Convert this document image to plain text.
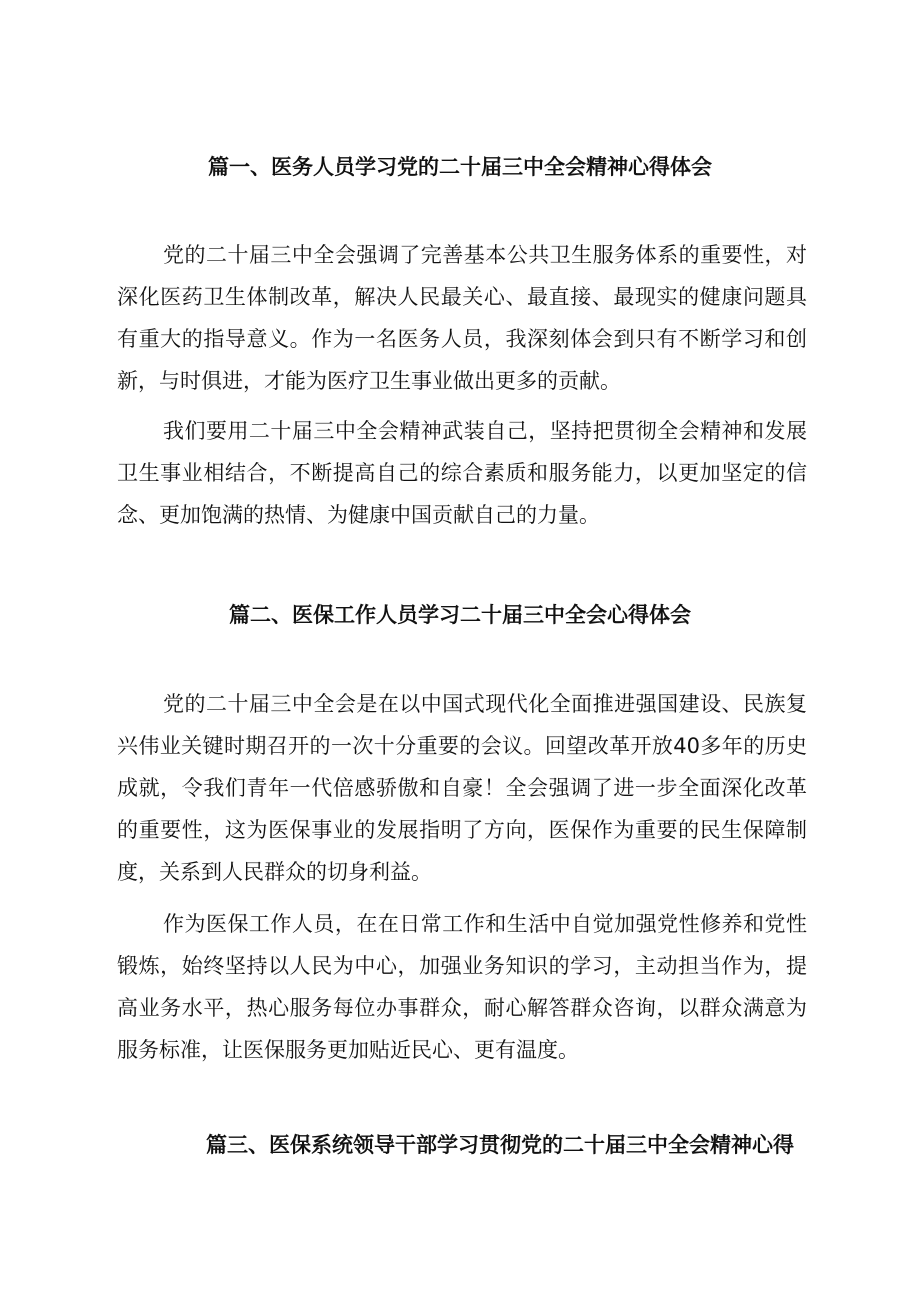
篇一、医务人员学习党的二十届三中全会精神心得体会
党的二十届三中全会强调了完善基本公共卫生服务体系的重要性，对深化医药卫生体制改革，解决人民最关心、最直接、最现实的健康问题具有重大的指导意义。作为一名医务人员，我深刻体会到只有不断学习和创新，与时俱进，才能为医疗卫生事业做出更多的贡献。
我们要用二十届三中全会精神武装自己，坚持把贯彻全会精神和发展卫生事业相结合，不断提高自己的综合素质和服务能力，以更加坚定的信念、更加饱满的热情、为健康中国贡献自己的力量。
篇二、医保工作人员学习二十届三中全会心得体会
党的二十届三中全会是在以中国式现代化全面推进强国建设、民族复兴伟业关键时期召开的一次十分重要的会议。回望改革开放40多年的历史成就，令我们青年一代倍感骄傲和自豪！全会强调了进一步全面深化改革的重要性，这为医保事业的发展指明了方向，医保作为重要的民生保障制度，关系到人民群众的切身利益。
作为医保工作人员，在在日常工作和生活中自觉加强党性修养和党性锻炼，始终坚持以人民为中心，加强业务知识的学习，主动担当作为，提高业务水平，热心服务每位办事群众，耐心解答群众咨询，以群众满意为服务标准，让医保服务更加贴近民心、更有温度。
篇三、医保系统领导干部学习贯彻党的二十届三中全会精神心得
